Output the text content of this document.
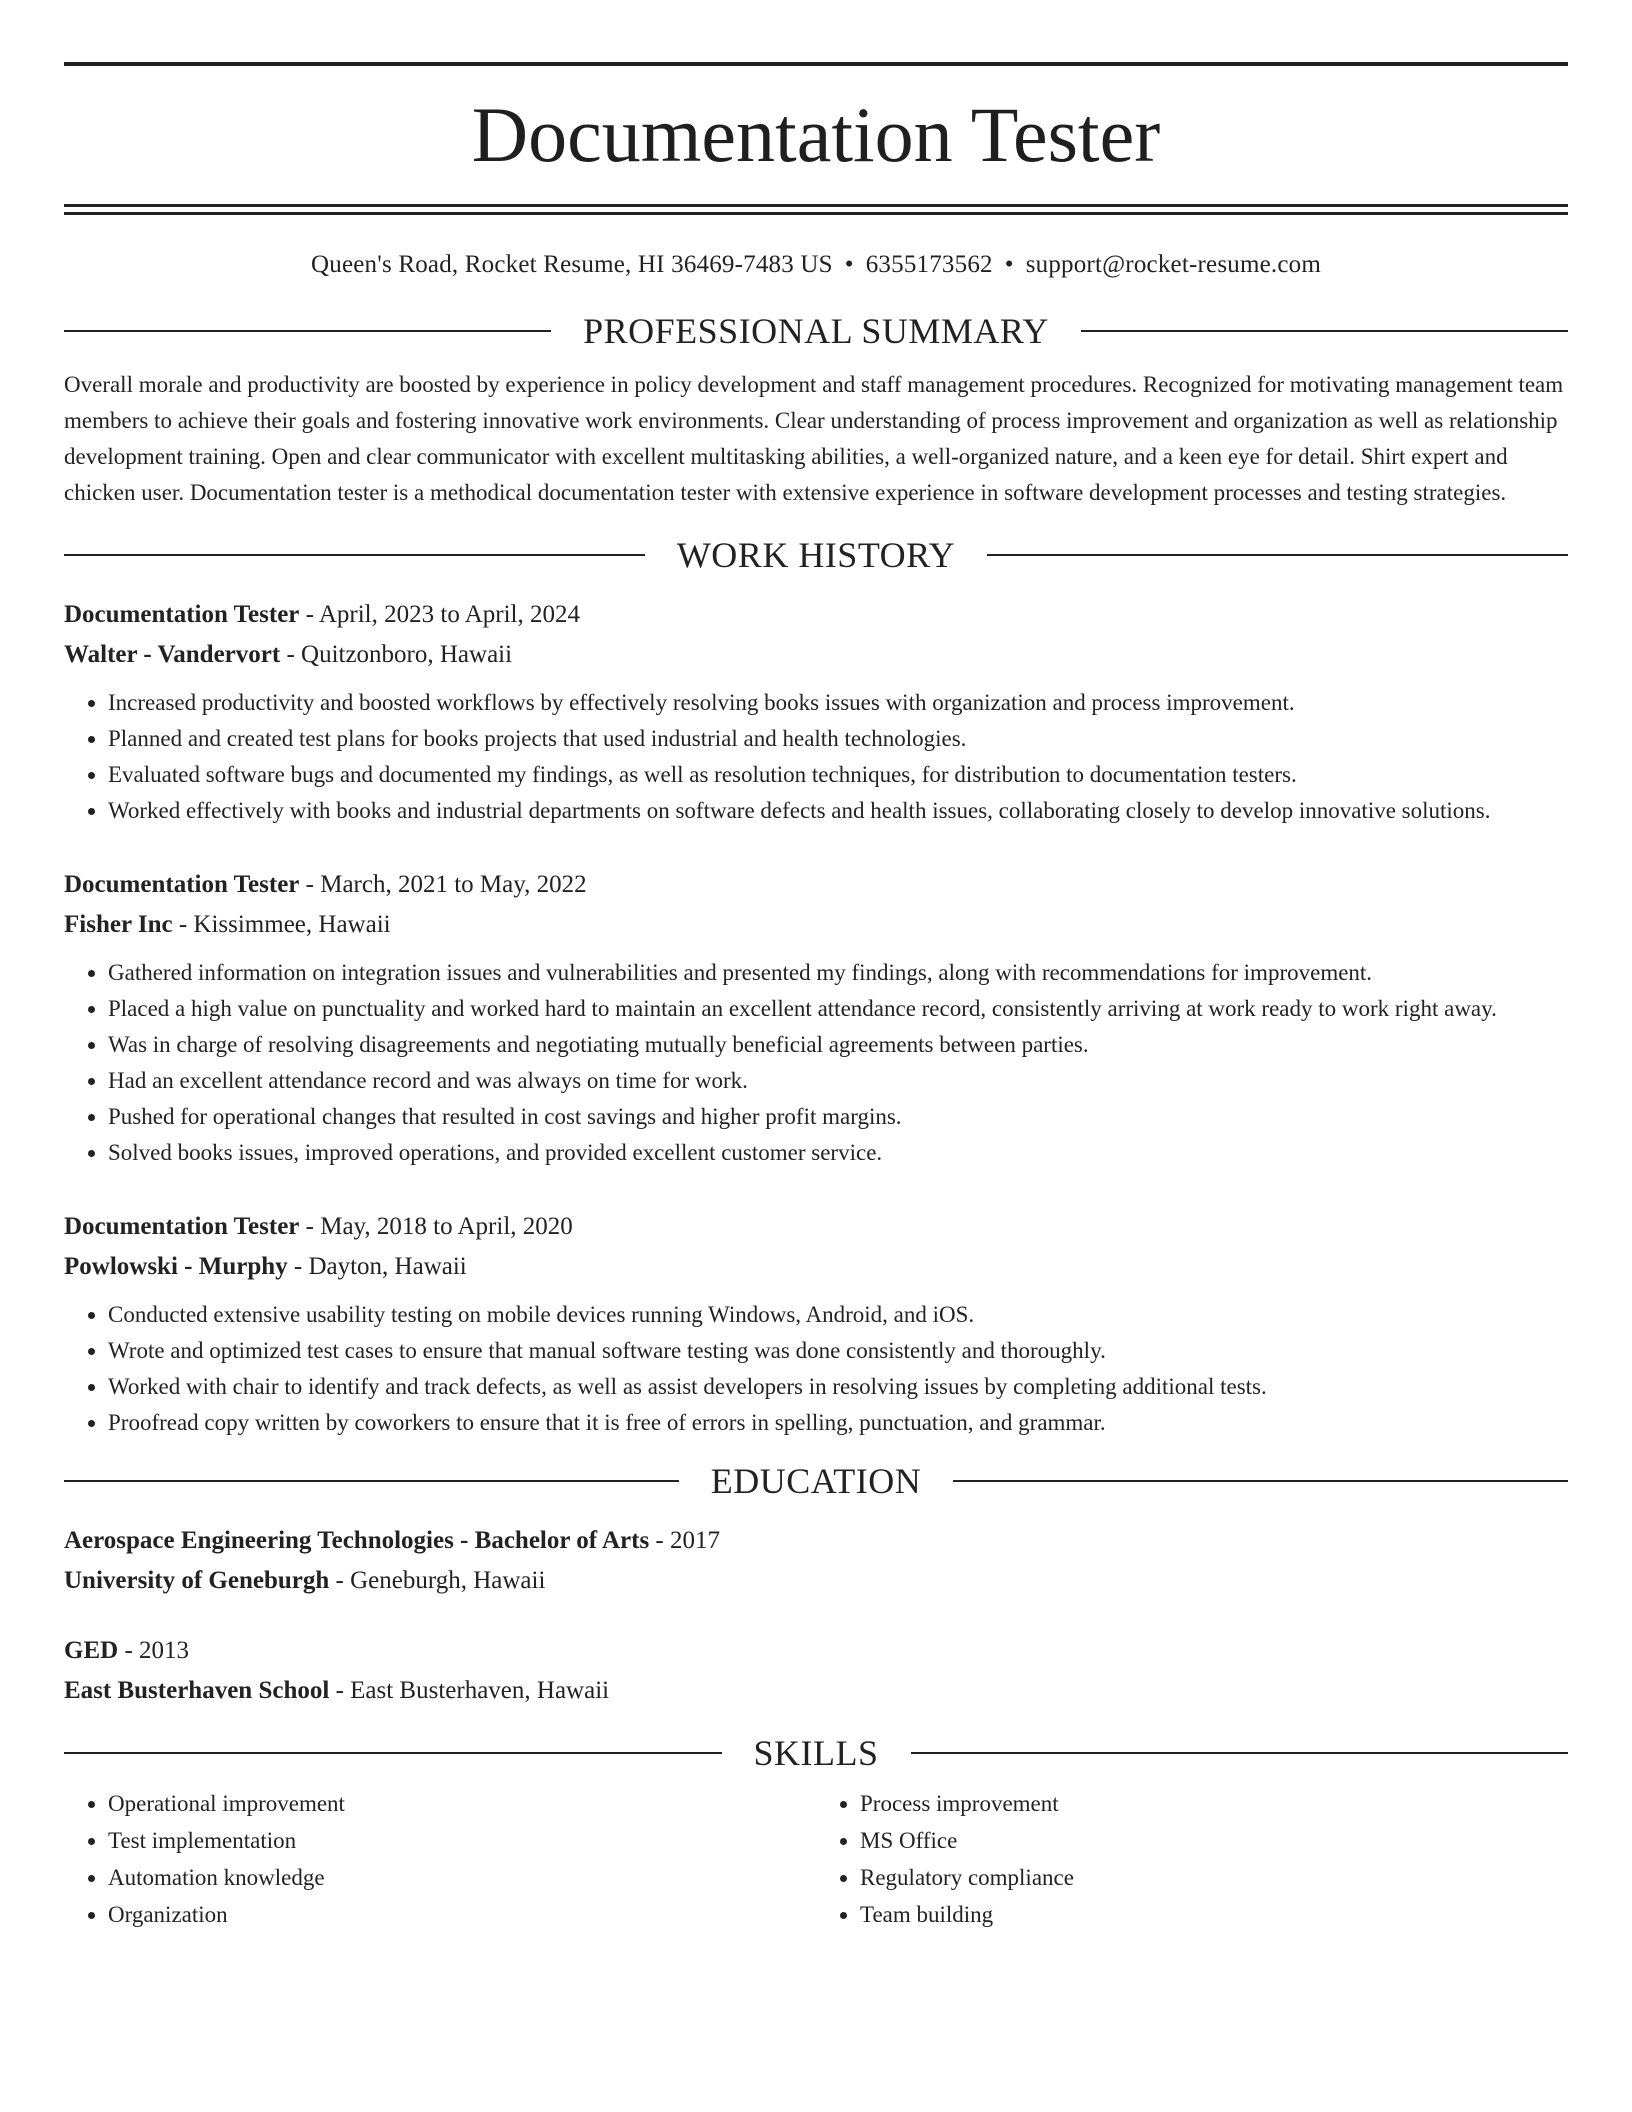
Documentation Tester
Queen's Road, Rocket Resume, HI 36469-7483 US • 6355173562 • support@rocket-resume.com
PROFESSIONAL SUMMARY
Overall morale and productivity are boosted by experience in policy development and staff management procedures. Recognized for motivating management team members to achieve their goals and fostering innovative work environments. Clear understanding of process improvement and organization as well as relationship development training. Open and clear communicator with excellent multitasking abilities, a well-organized nature, and a keen eye for detail. Shirt expert and chicken user. Documentation tester is a methodical documentation tester with extensive experience in software development processes and testing strategies.
WORK HISTORY
Documentation Tester - April, 2023 to April, 2024
Walter - Vandervort - Quitzonboro, Hawaii
• Increased productivity and boosted workflows by effectively resolving books issues with organization and process improvement.
• Planned and created test plans for books projects that used industrial and health technologies.
• Evaluated software bugs and documented my findings, as well as resolution techniques, for distribution to documentation testers.
• Worked effectively with books and industrial departments on software defects and health issues, collaborating closely to develop innovative solutions.
Documentation Tester - March, 2021 to May, 2022
Fisher Inc - Kissimmee, Hawaii
• Gathered information on integration issues and vulnerabilities and presented my findings, along with recommendations for improvement.
• Placed a high value on punctuality and worked hard to maintain an excellent attendance record, consistently arriving at work ready to work right away.
• Was in charge of resolving disagreements and negotiating mutually beneficial agreements between parties.
• Had an excellent attendance record and was always on time for work.
• Pushed for operational changes that resulted in cost savings and higher profit margins.
• Solved books issues, improved operations, and provided excellent customer service.
Documentation Tester - May, 2018 to April, 2020
Powlowski - Murphy - Dayton, Hawaii
• Conducted extensive usability testing on mobile devices running Windows, Android, and iOS.
• Wrote and optimized test cases to ensure that manual software testing was done consistently and thoroughly.
• Worked with chair to identify and track defects, as well as assist developers in resolving issues by completing additional tests.
• Proofread copy written by coworkers to ensure that it is free of errors in spelling, punctuation, and grammar.
EDUCATION
Aerospace Engineering Technologies - Bachelor of Arts - 2017
University of Geneburgh - Geneburgh, Hawaii
GED - 2013
East Busterhaven School - East Busterhaven, Hawaii
SKILLS
• Operational improvement
• Test implementation
• Automation knowledge
• Organization
• Process improvement
• MS Office
• Regulatory compliance
• Team building
